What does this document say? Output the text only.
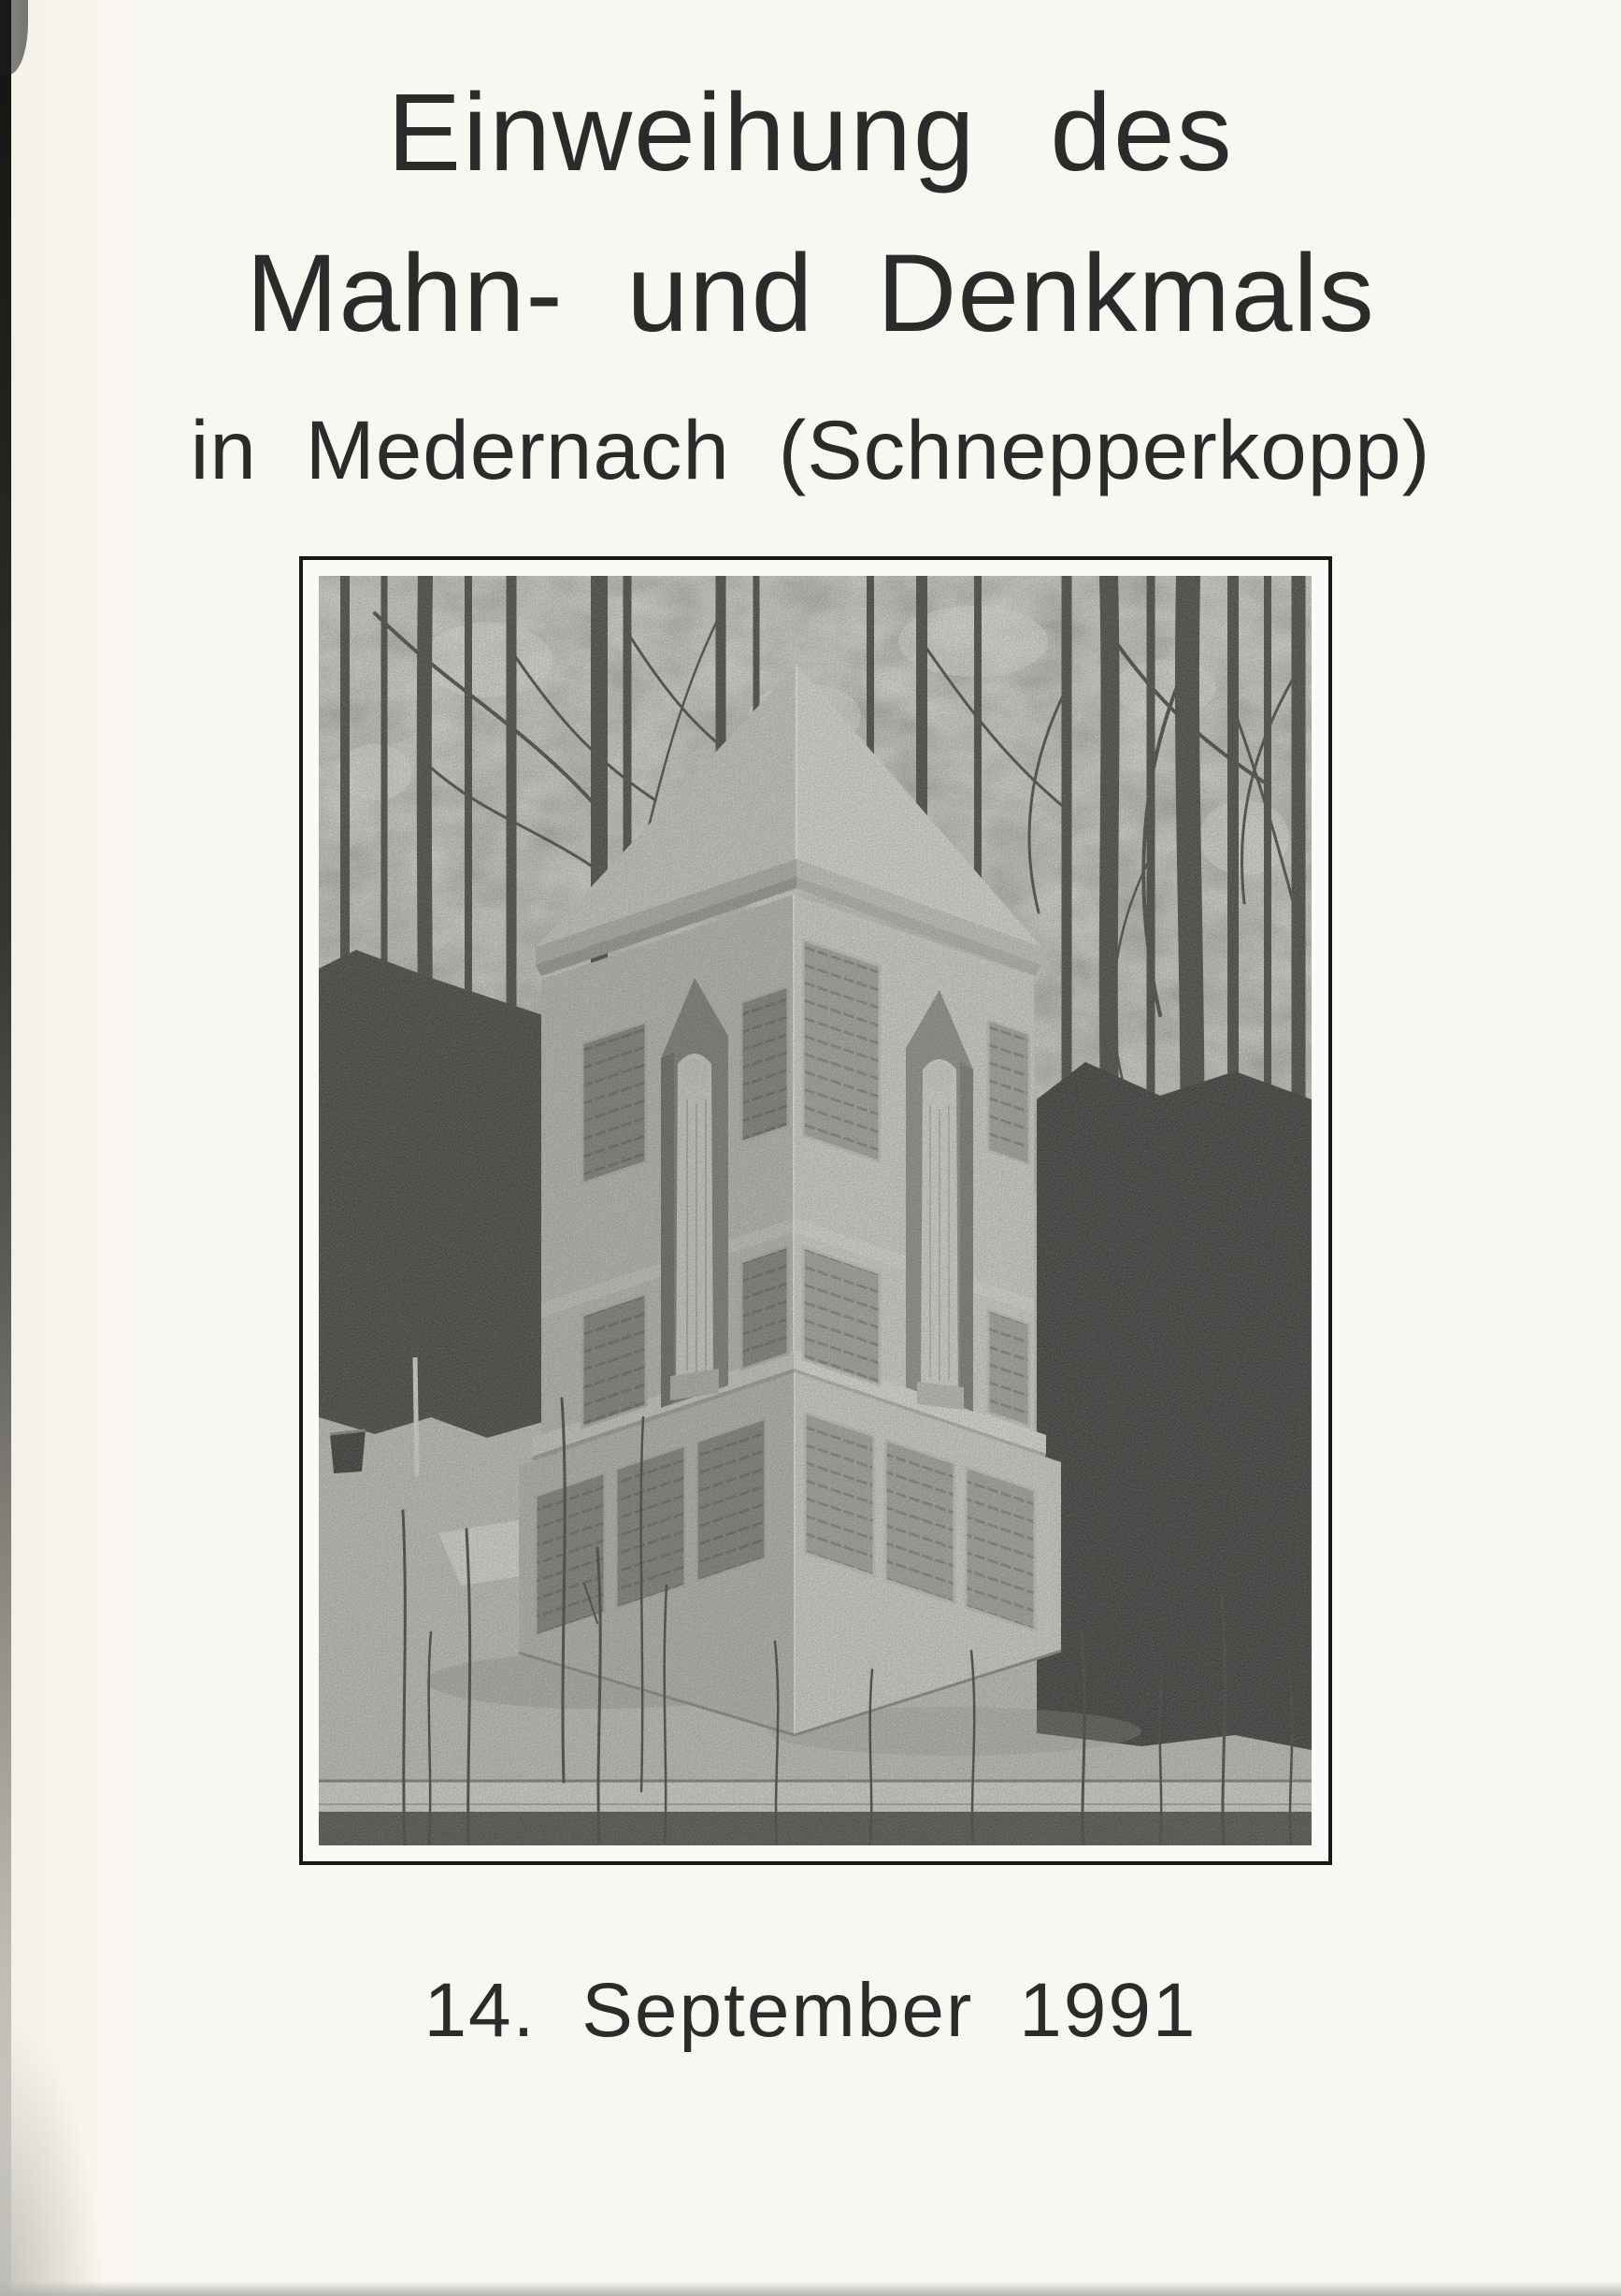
Einweihung des
Mahn- und Denkmals
in Medernach (Schnepperkopp)
14. September 1991
